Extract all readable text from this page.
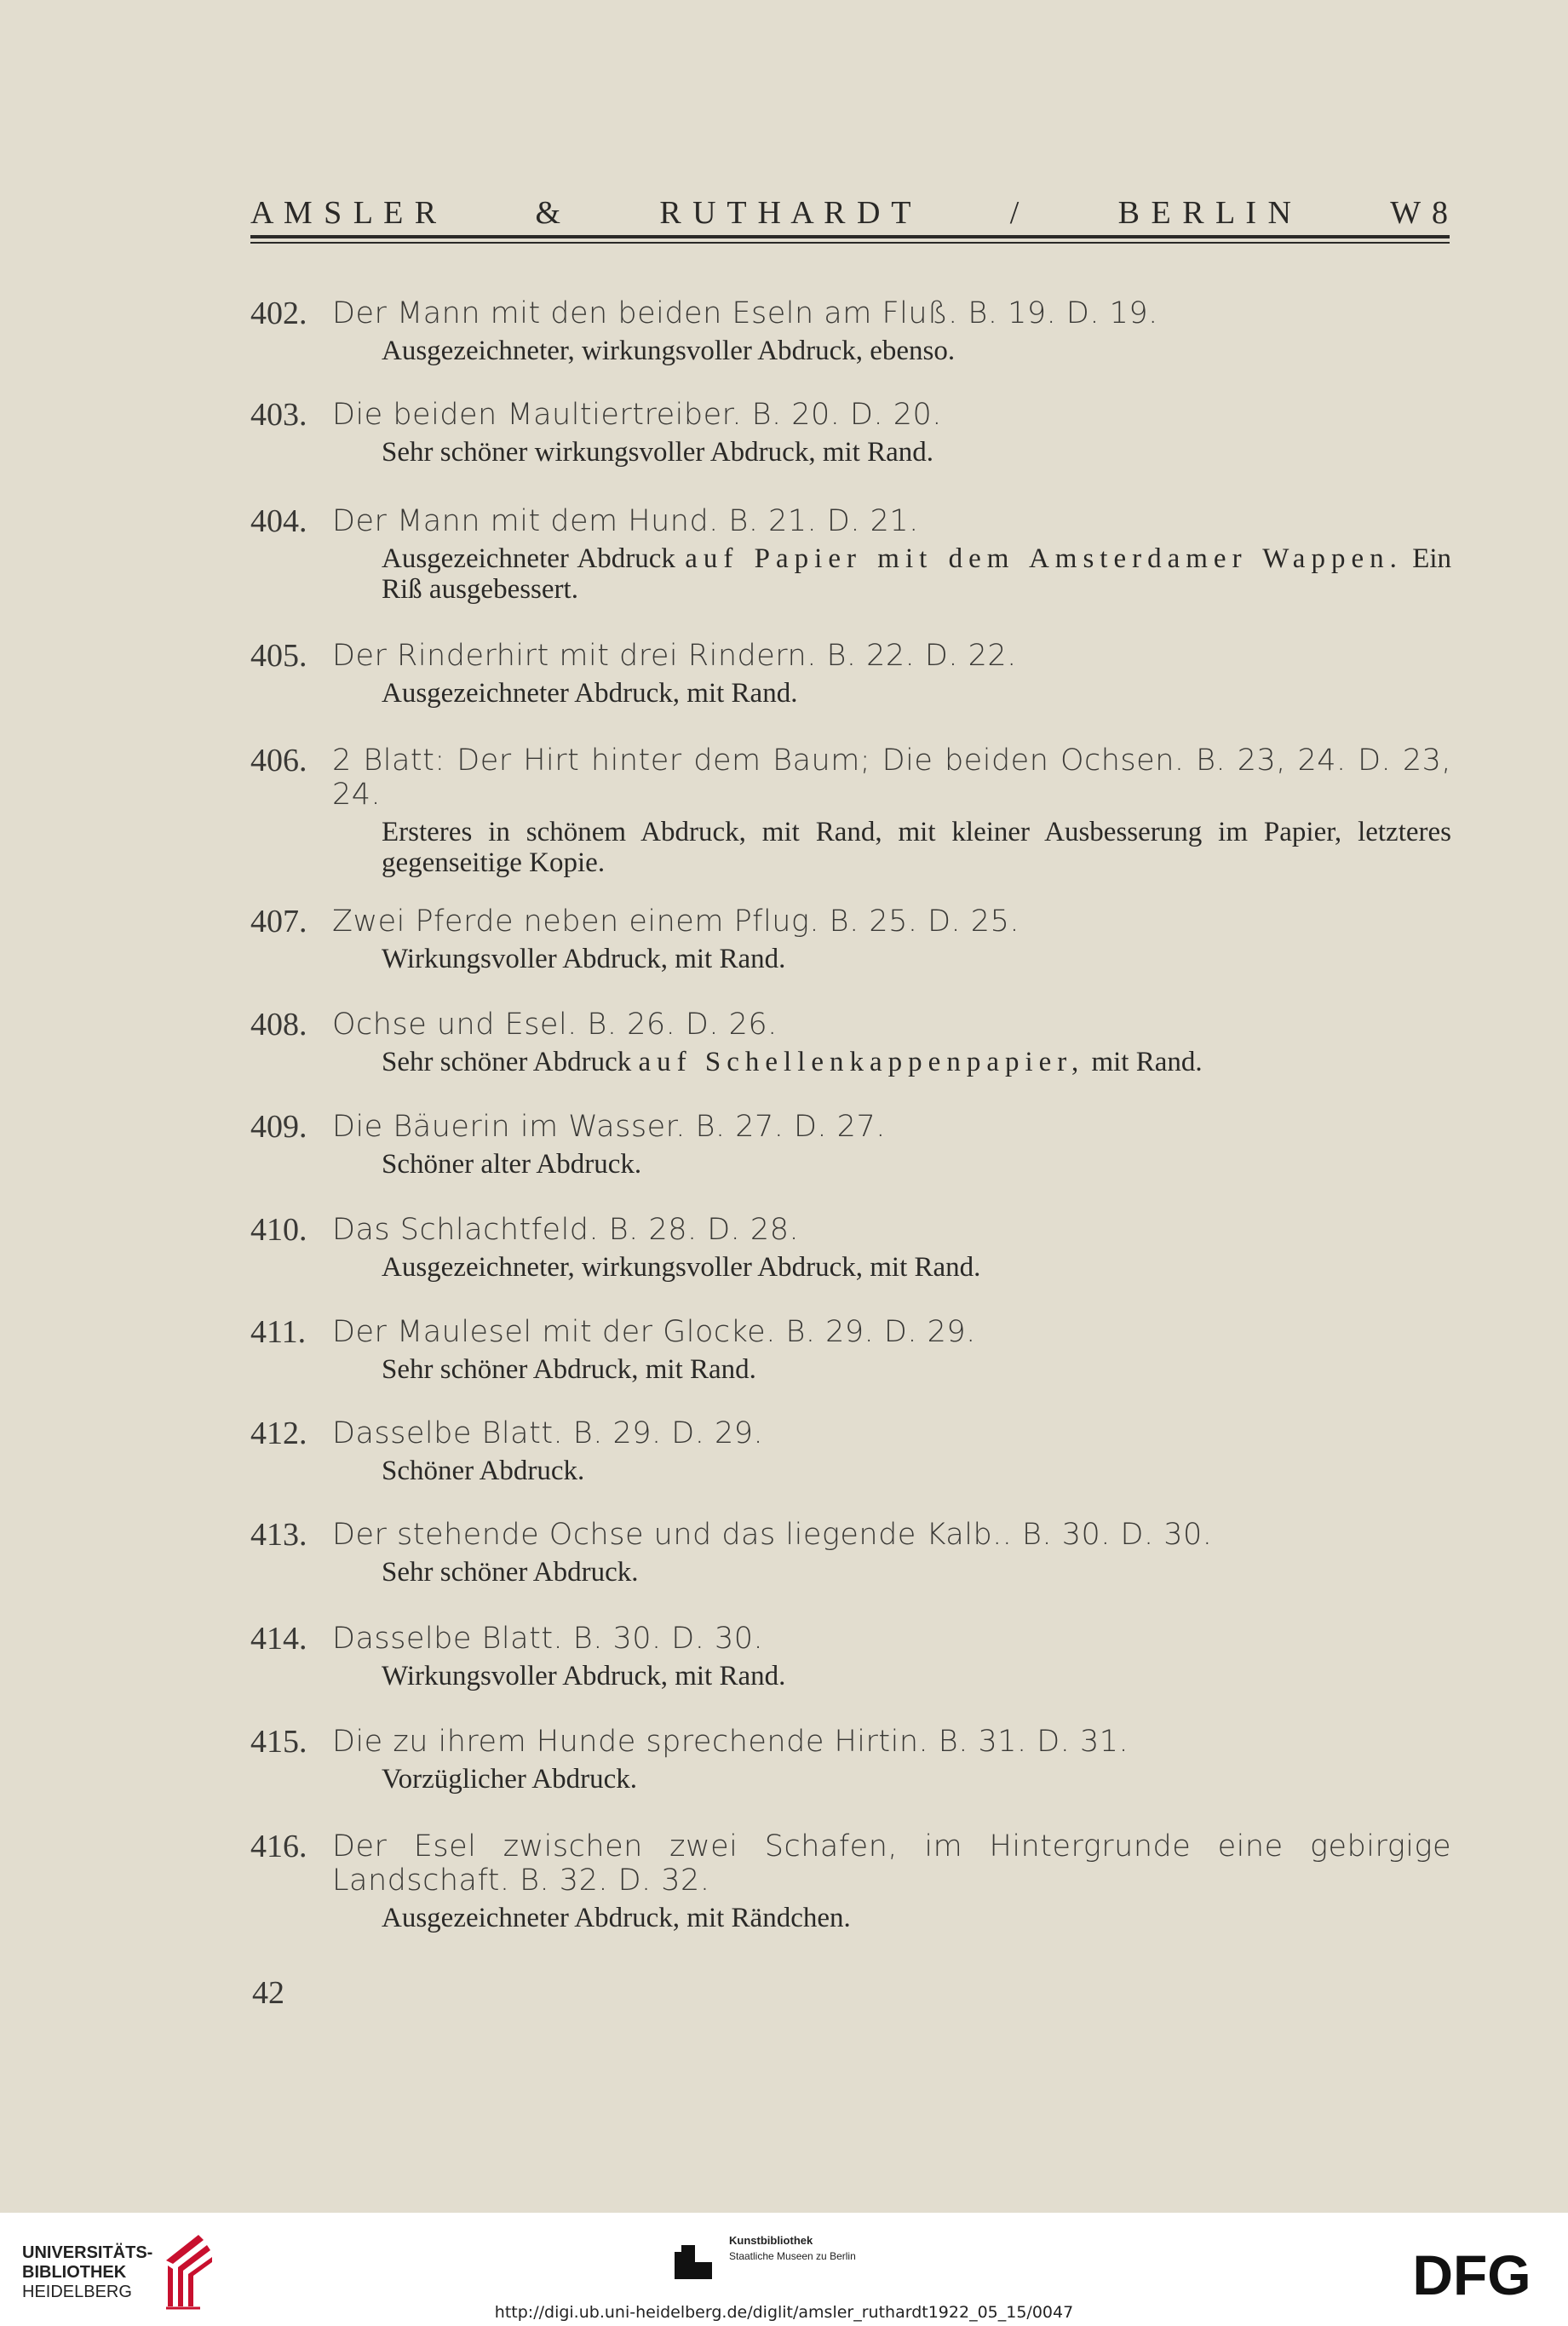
A M S L E R	&	R U T H A R D T	/	B E R L I N	W 8
402. Der Mann mit den beiden Eseln am Fluß. B. 19. D. 19.
Ausgezeichneter, wirkungsvoller Abdruck, ebenso.
403. Die beiden Maultiertreiber. B. 20. D. 20.
Sehr schöner wirkungsvoller Abdruck, mit Rand.
404. Der Mann mit dem Hund. B. 21. D. 21.
Ausgezeichneter Abdruck auf Papier mit dem Amsterdamer Wappen. Ein Riß ausgebessert.
405. Der Rinderhirt mit drei Rindern. B. 22. D. 22.
Ausgezeichneter Abdruck, mit Rand.
406. 2 Blatt: Der Hirt hinter dem Baum; Die beiden Ochsen. B. 23, 24. D. 23, 24.
Ersteres in schönem Abdruck, mit Rand, mit kleiner Ausbesserung im Papier, letzteres gegenseitige Kopie.
407. Zwei Pferde neben einem Pflug. B. 25. D. 25.
Wirkungsvoller Abdruck, mit Rand.
408. Ochse und Esel. B. 26. D. 26.
Sehr schöner Abdruck auf Schellenkappenpapier, mit Rand.
409. Die Bäuerin im Wasser. B. 27. D. 27.
Schöner alter Abdruck.
410. Das Schlachtfeld. B. 28. D. 28.
Ausgezeichneter, wirkungsvoller Abdruck, mit Rand.
411. Der Maulesel mit der Glocke. B. 29. D. 29.
Sehr schöner Abdruck, mit Rand.
412. Dasselbe Blatt. B. 29. D. 29.
Schöner Abdruck.
413. Der stehende Ochse und das liegende Kalb.. B. 30. D. 30.
Sehr schöner Abdruck.
414. Dasselbe Blatt. B. 30. D. 30.
Wirkungsvoller Abdruck, mit Rand.
415. Die zu ihrem Hunde sprechende Hirtin. B. 31. D. 31.
Vorzüglicher Abdruck.
416. Der Esel zwischen zwei Schafen, im Hintergrunde eine gebirgige Landschaft. B. 32. D. 32.
Ausgezeichneter Abdruck, mit Rändchen.
42
UNIVERSITÄTS-
BIBLIOTHEK
HEIDELBERG
Kunstbibliothek
Staatliche Museen zu Berlin	DFG
http://digi.ub.uni-heidelberg.de/diglit/amsler_ruthardt1922_05_15/0047
